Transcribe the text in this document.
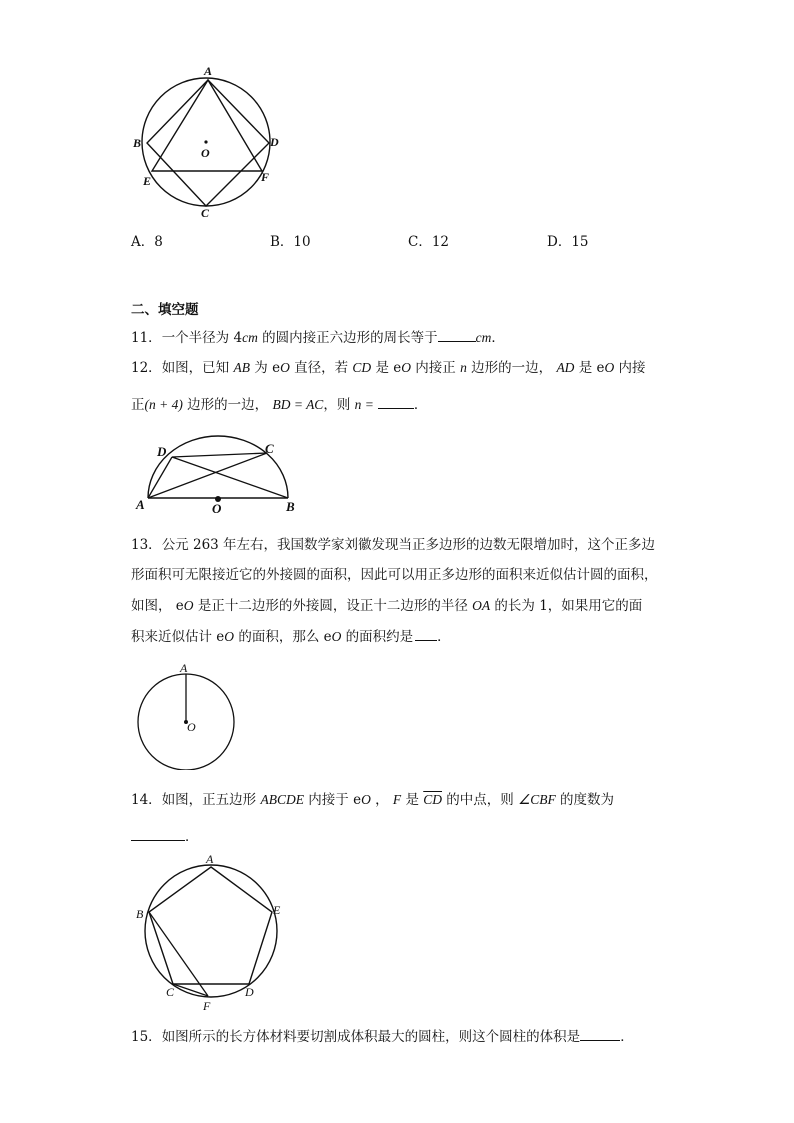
A
B
O
D
E	F
C
A．8	B．10	C．12	D．15
二、填空题
11．一个半径为 4cm 的圆内接正六边形的周长等于	cm．
12．如图，已知 AB 为 eO 直径，若 CD 是 eO 内接正 n 边形的一边， AD 是 eO 内接
正(n + 4) 边形的一边， BD = AC，则 n =	．
D	C
A	O	B
13．公元 263 年左右，我国数学家刘徽发现当正多边形的边数无限增加时，这个正多边
形面积可无限接近它的外接圆的面积，因此可以用正多边形的面积来近似估计圆的面积，
如图， eO 是正十二边形的外接圆，设正十二边形的半径 OA 的长为 1，如果用它的面
积来近似估计 eO 的面积，那么 eO 的面积约是 ．
A
O
14．如图，正五边形 ABCDE 内接于 eO ， F 是 $\overline{CD}$ 的中点，则 ∠CBF 的度数为
．
A
B	E
C	D
F
15．如图所示的长方体材料要切割成体积最大的圆柱，则这个圆柱的体积是	．
